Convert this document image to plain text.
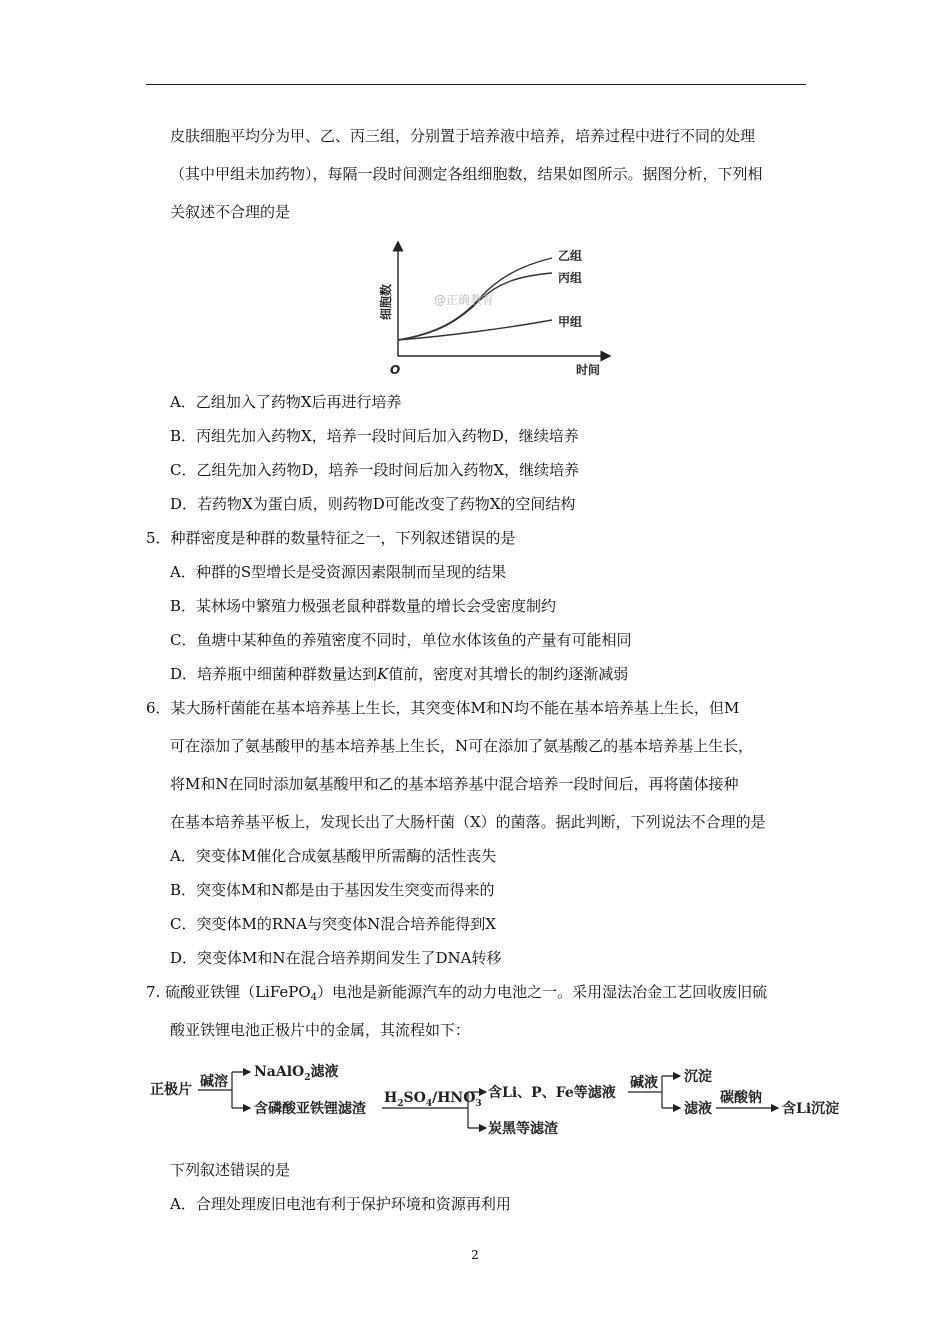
皮肤细胞平均分为甲、乙、丙三组，分别置于培养液中培养，培养过程中进行不同的处理
（其中甲组未加药物），每隔一段时间测定各组细胞数，结果如图所示。据图分析，下列相
关叙述不合理的是
细胞数
时间
O
乙组
丙组
甲组
@正确教育
A．乙组加入了药物X后再进行培养
B．丙组先加入药物X，培养一段时间后加入药物D，继续培养
C．乙组先加入药物D，培养一段时间后加入药物X，继续培养
D．若药物X为蛋白质，则药物D可能改变了药物X的空间结构
5．种群密度是种群的数量特征之一，下列叙述错误的是
A．种群的S型增长是受资源因素限制而呈现的结果
B．某林场中繁殖力极强老鼠种群数量的增长会受密度制约
C．鱼塘中某种鱼的养殖密度不同时，单位水体该鱼的产量有可能相同
D．培养瓶中细菌种群数量达到K值前，密度对其增长的制约逐渐减弱
6．某大肠杆菌能在基本培养基上生长，其突变体M和N均不能在基本培养基上生长，但M
可在添加了氨基酸甲的基本培养基上生长，N可在添加了氨基酸乙的基本培养基上生长，
将M和N在同时添加氨基酸甲和乙的基本培养基中混合培养一段时间后，再将菌体接种
在基本培养基平板上，发现长出了大肠杆菌（X）的菌落。据此判断，下列说法不合理的是
A．突变体M催化合成氨基酸甲所需酶的活性丧失
B．突变体M和N都是由于基因发生突变而得来的
C．突变体M的RNA与突变体N混合培养能得到X
D．突变体M和N在混合培养期间发生了DNA转移
7. 硫酸亚铁锂（LiFePO$_4$）电池是新能源汽车的动力电池之一。采用湿法冶金工艺回收废旧硫
酸亚铁锂电池正极片中的金属，其流程如下：
正极片 碱溶
NaAlO$_2$滤液
含磷酸亚铁锂滤渣
$H_2SO_4/HNO_3$
含Li、P、Fe等滤液
炭黑等滤渣
碱液 沉淀
滤液
碳酸钠
含Li沉淀
下列叙述错误的是
A．合理处理废旧电池有利于保护环境和资源再利用
2
